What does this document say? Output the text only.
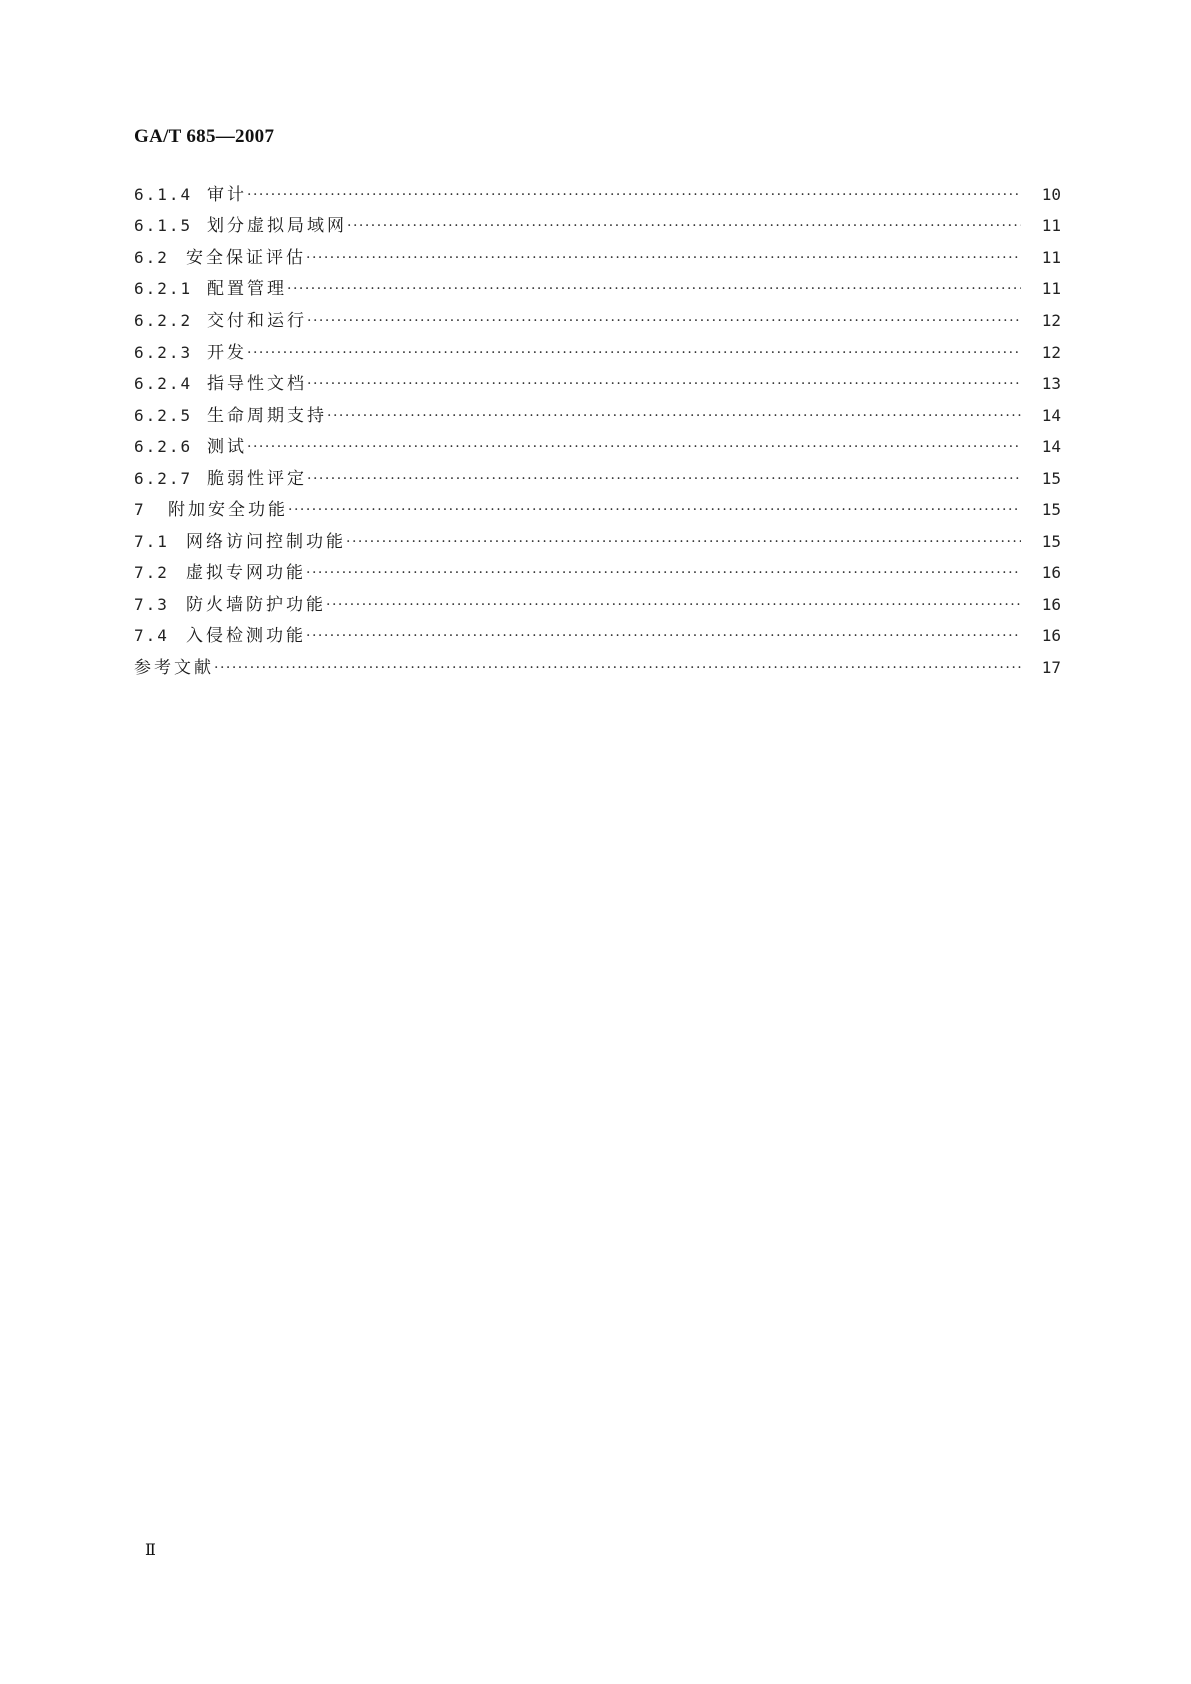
GA/T 685—2007
6.1.4 审计 ·····	10
6.1.5 划分虚拟局域网 ·····	11
6.2	安全保证评估 ·····	11
6.2.1 配置管理 ·····	11
6.2.2 交付和运行 ·····	12
6.2.3 开发 ·····	12
6.2.4 指导性文档 ·····	13
6.2.5 生命周期支持 ·····	14
6.2.6 测试 ·····	14
6.2.7 脆弱性评定 ·····	15
7	附加安全功能 ·····	15
7.1	网络访问控制功能 ·····	15
7.2	虚拟专网功能 ·····	16
7.3	防火墙防护功能 ·····	16
7.4	入侵检测功能 ·····	16
参考文献 ·····	17
Ⅱ
